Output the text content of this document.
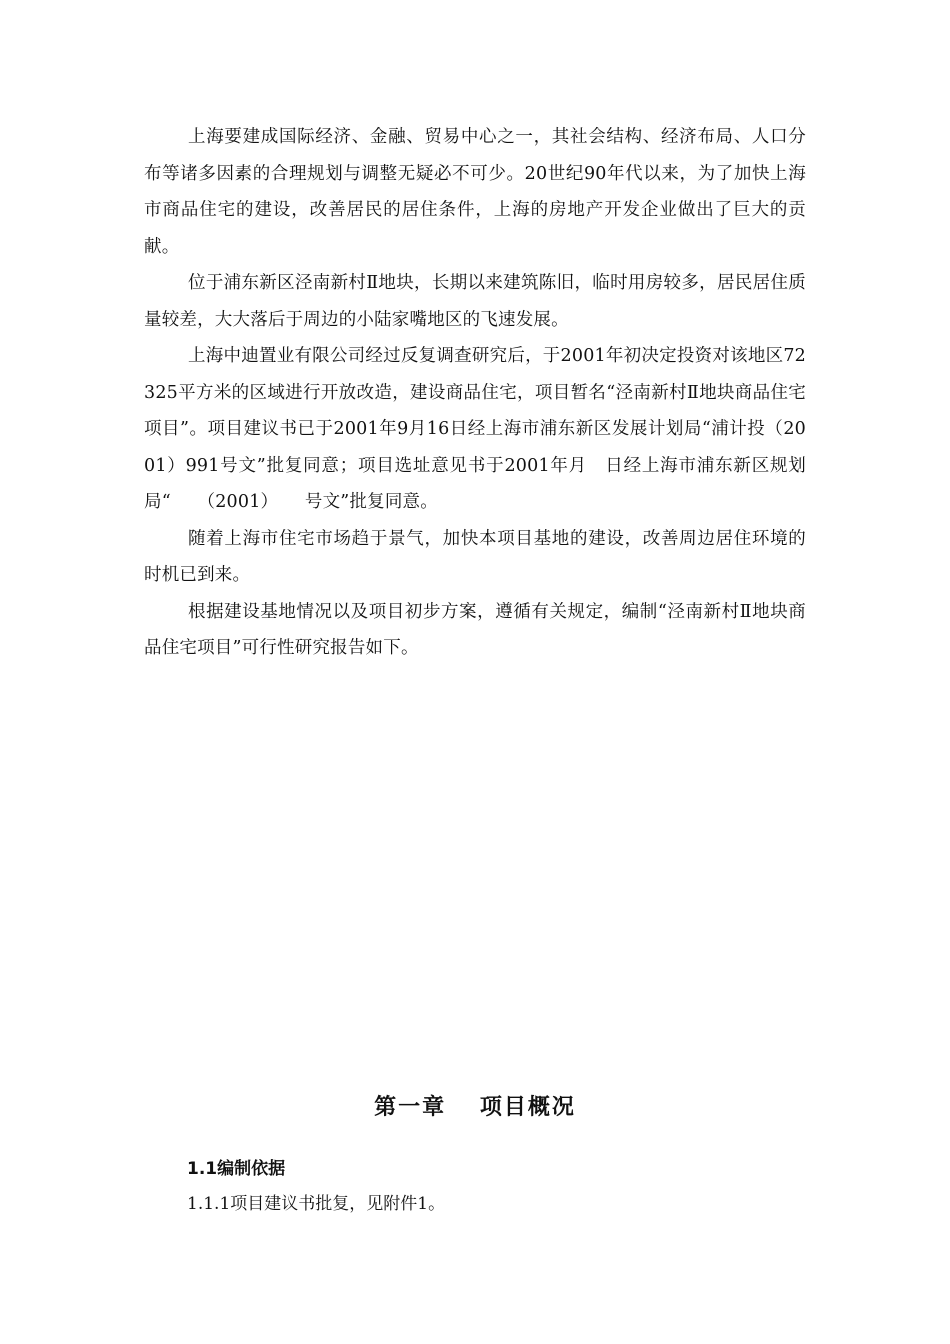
上海要建成国际经济、金融、贸易中心之一，其社会结构、经济布局、人口分布等诸多因素的合理规划与调整无疑必不可少。20世纪90年代以来，为了加快上海市商品住宅的建设，改善居民的居住条件，上海的房地产开发企业做出了巨大的贡献。

位于浦东新区泾南新村Ⅱ地块，长期以来建筑陈旧，临时用房较多，居民居住质量较差，大大落后于周边的小陆家嘴地区的飞速发展。

上海中迪置业有限公司经过反复调查研究后，于2001年初决定投资对该地区72325平方米的区域进行开放改造，建设商品住宅，项目暂名“泾南新村Ⅱ地块商品住宅项目”。项目建议书已于2001年9月16日经上海市浦东新区发展计划局“浦计投（2001）991号文”批复同意；项目选址意见书于2001年月　日经上海市浦东新区规划局“　　（2001）　　号文”批复同意。

随着上海市住宅市场趋于景气，加快本项目基地的建设，改善周边居住环境的时机已到来。

根据建设基地情况以及项目初步方案，遵循有关规定，编制“泾南新村Ⅱ地块商品住宅项目”可行性研究报告如下。

第一章　 项目概况
1.1编制依据
1.1.1项目建议书批复，见附件1。
